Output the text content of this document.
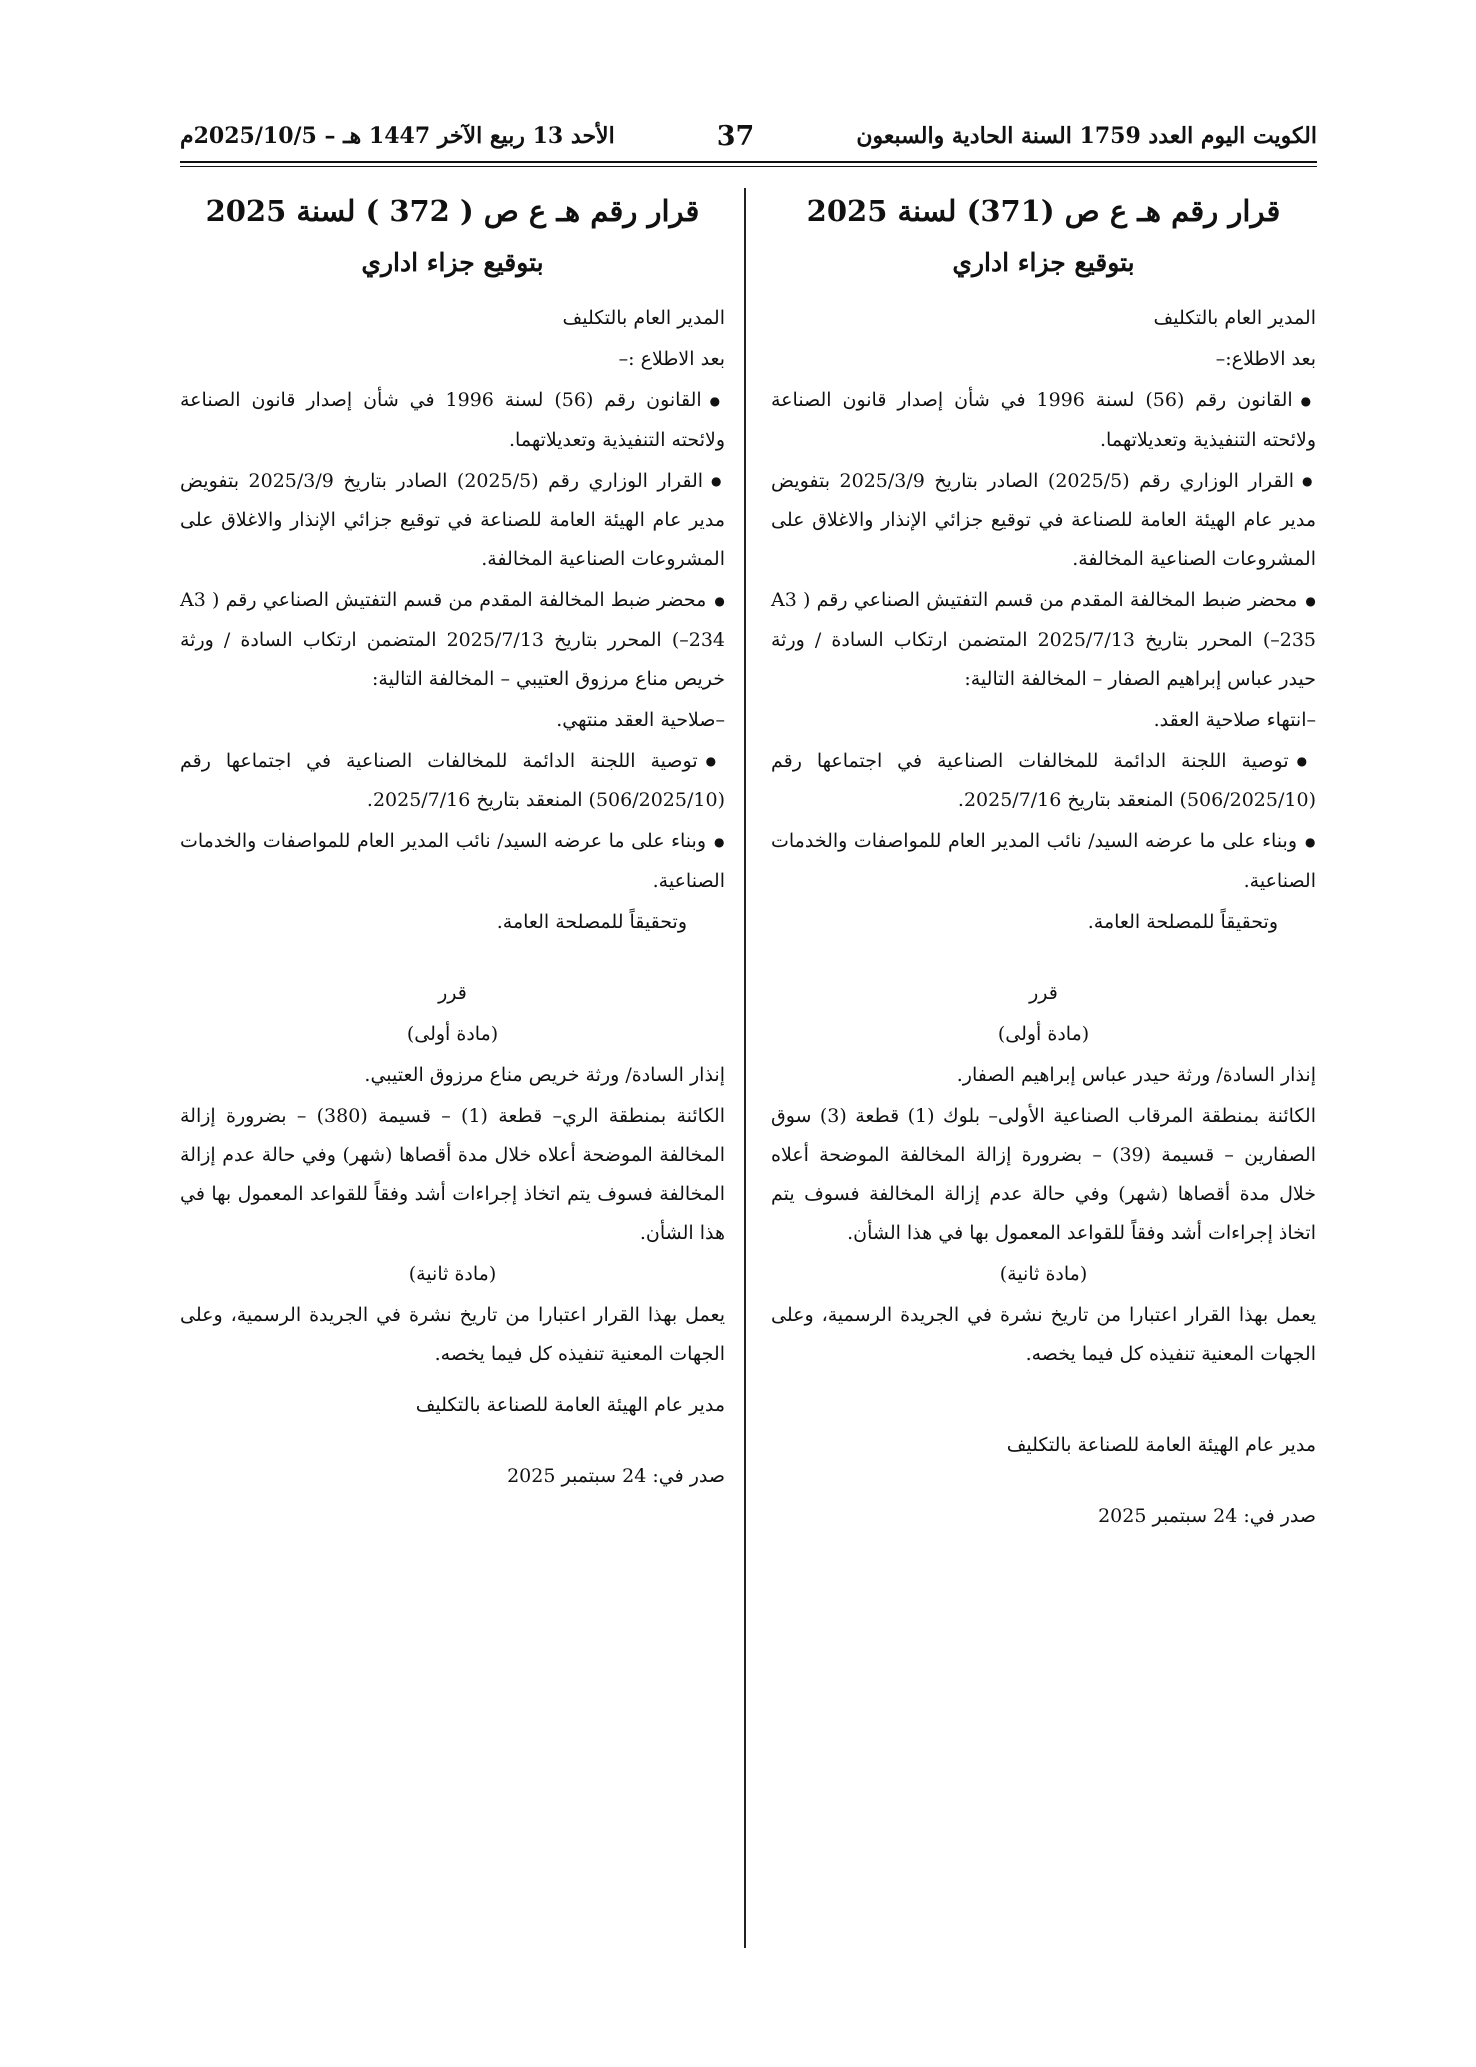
الكويت اليوم العدد 1759 السنة الحادية والسبعون
37
الأحد 13 ربيع الآخر 1447 هـ – 2025/10/5م
قرار رقم هـ ع ص (371) لسنة 2025
بتوقيع جزاء اداري

المدير العام بالتكليف

بعد الاطلاع:–

● القانون رقم (56) لسنة 1996 في شأن إصدار قانون الصناعة ولائحته التنفيذية وتعديلاتهما.

● القرار الوزاري رقم (2025/5) الصادر بتاريخ 2025/3/9 بتفويض مدير عام الهيئة العامة للصناعة في توقيع جزائي الإنذار والاغلاق على المشروعات الصناعية المخالفة.

● محضر ضبط المخالفة المقدم من قسم التفتيش الصناعي رقم ( A3 235–) المحرر بتاريخ 2025/7/13 المتضمن ارتكاب السادة / ورثة حيدر عباس إبراهيم الصفار – المخالفة التالية:

– انتهاء صلاحية العقد.

● توصية اللجنة الدائمة للمخالفات الصناعية في اجتماعها رقم (506/2025/10) المنعقد بتاريخ 2025/7/16.

● وبناء على ما عرضه السيد/ نائب المدير العام للمواصفات والخدمات الصناعية.

وتحقيقاً للمصلحة العامة.

قرر

(مادة أولى)

إنذار السادة/ ورثة حيدر عباس إبراهيم الصفار.

الكائنة بمنطقة المرقاب الصناعية الأولى– بلوك (1) قطعة (3) سوق الصفارين – قسيمة (39) – بضرورة إزالة المخالفة الموضحة أعلاه خلال مدة أقصاها (شهر) وفي حالة عدم إزالة المخالفة فسوف يتم اتخاذ إجراءات أشد وفقاً للقواعد المعمول بها في هذا الشأن.

(مادة ثانية)

يعمل بهذا القرار اعتبارا من تاريخ نشرة في الجريدة الرسمية، وعلى الجهات المعنية تنفيذه كل فيما يخصه.

مدير عام الهيئة العامة للصناعة بالتكليف

صدر في: 24 سبتمبر 2025

قرار رقم هـ ع ص ( 372 ) لسنة 2025
بتوقيع جزاء اداري

المدير العام بالتكليف

بعد الاطلاع :–

● القانون رقم (56) لسنة 1996 في شأن إصدار قانون الصناعة ولائحته التنفيذية وتعديلاتهما.

● القرار الوزاري رقم (2025/5) الصادر بتاريخ 2025/3/9 بتفويض مدير عام الهيئة العامة للصناعة في توقيع جزائي الإنذار والاغلاق على المشروعات الصناعية المخالفة.

● محضر ضبط المخالفة المقدم من قسم التفتيش الصناعي رقم ( A3 234–) المحرر بتاريخ 2025/7/13 المتضمن ارتكاب السادة / ورثة خريص مناع مرزوق العتيبي – المخالفة التالية:

– صلاحية العقد منتهي.

● توصية اللجنة الدائمة للمخالفات الصناعية في اجتماعها رقم (506/2025/10) المنعقد بتاريخ 2025/7/16.

● وبناء على ما عرضه السيد/ نائب المدير العام للمواصفات والخدمات الصناعية.

وتحقيقاً للمصلحة العامة.

قرر

(مادة أولى)

إنذار السادة/ ورثة خريص مناع مرزوق العتيبي.

الكائنة بمنطقة الري– قطعة (1) – قسيمة (380) – بضرورة إزالة المخالفة الموضحة أعلاه خلال مدة أقصاها (شهر) وفي حالة عدم إزالة المخالفة فسوف يتم اتخاذ إجراءات أشد وفقاً للقواعد المعمول بها في هذا الشأن.

(مادة ثانية)

يعمل بهذا القرار اعتبارا من تاريخ نشرة في الجريدة الرسمية، وعلى الجهات المعنية تنفيذه كل فيما يخصه.

مدير عام الهيئة العامة للصناعة بالتكليف

صدر في: 24 سبتمبر 2025
